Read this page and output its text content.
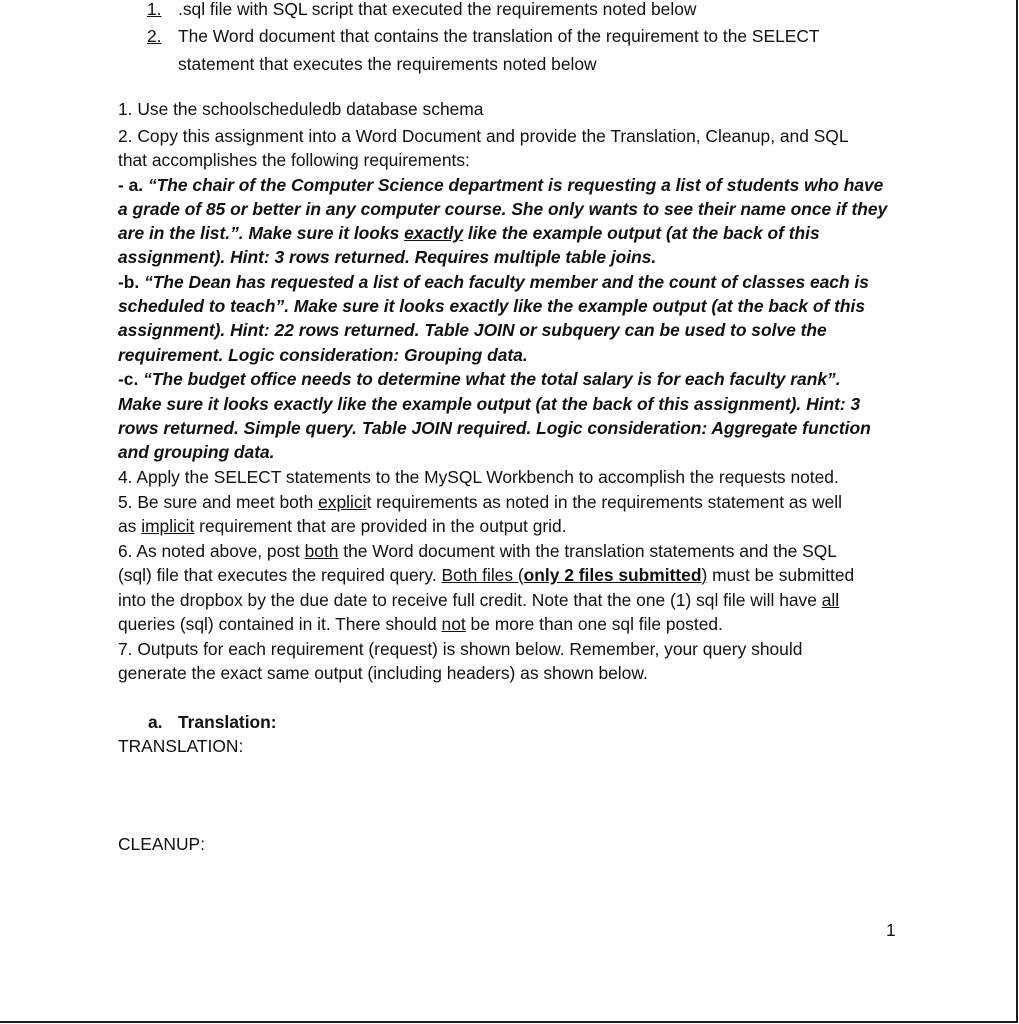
1. .sql file with SQL script that executed the requirements noted below
2. The Word document that contains the translation of the requirement to the SELECT
statement that executes the requirements noted below
1. Use the schoolscheduledb database schema
2. Copy this assignment into a Word Document and provide the Translation, Cleanup, and SQL
that accomplishes the following requirements:
- a. “The chair of the Computer Science department is requesting a list of students who have
a grade of 85 or better in any computer course. She only wants to see their name once if they
are in the list.”. Make sure it looks exactly like the example output (at the back of this
assignment). Hint: 3 rows returned. Requires multiple table joins.
-b. “The Dean has requested a list of each faculty member and the count of classes each is
scheduled to teach”. Make sure it looks exactly like the example output (at the back of this
assignment). Hint: 22 rows returned. Table JOIN or subquery can be used to solve the
requirement. Logic consideration: Grouping data.
-c. “The budget office needs to determine what the total salary is for each faculty rank”.
Make sure it looks exactly like the example output (at the back of this assignment). Hint: 3
rows returned. Simple query. Table JOIN required. Logic consideration: Aggregate function
and grouping data.
4. Apply the SELECT statements to the MySQL Workbench to accomplish the requests noted.
5. Be sure and meet both explicit requirements as noted in the requirements statement as well
as implicit requirement that are provided in the output grid.
6. As noted above, post both the Word document with the translation statements and the SQL
(sql) file that executes the required query. Both files (only 2 files submitted) must be submitted
into the dropbox by the due date to receive full credit. Note that the one (1) sql file will have all
queries (sql) contained in it. There should not be more than one sql file posted.
7. Outputs for each requirement (request) is shown below. Remember, your query should
generate the exact same output (including headers) as shown below.
a. Translation:
TRANSLATION:
CLEANUP:
1
